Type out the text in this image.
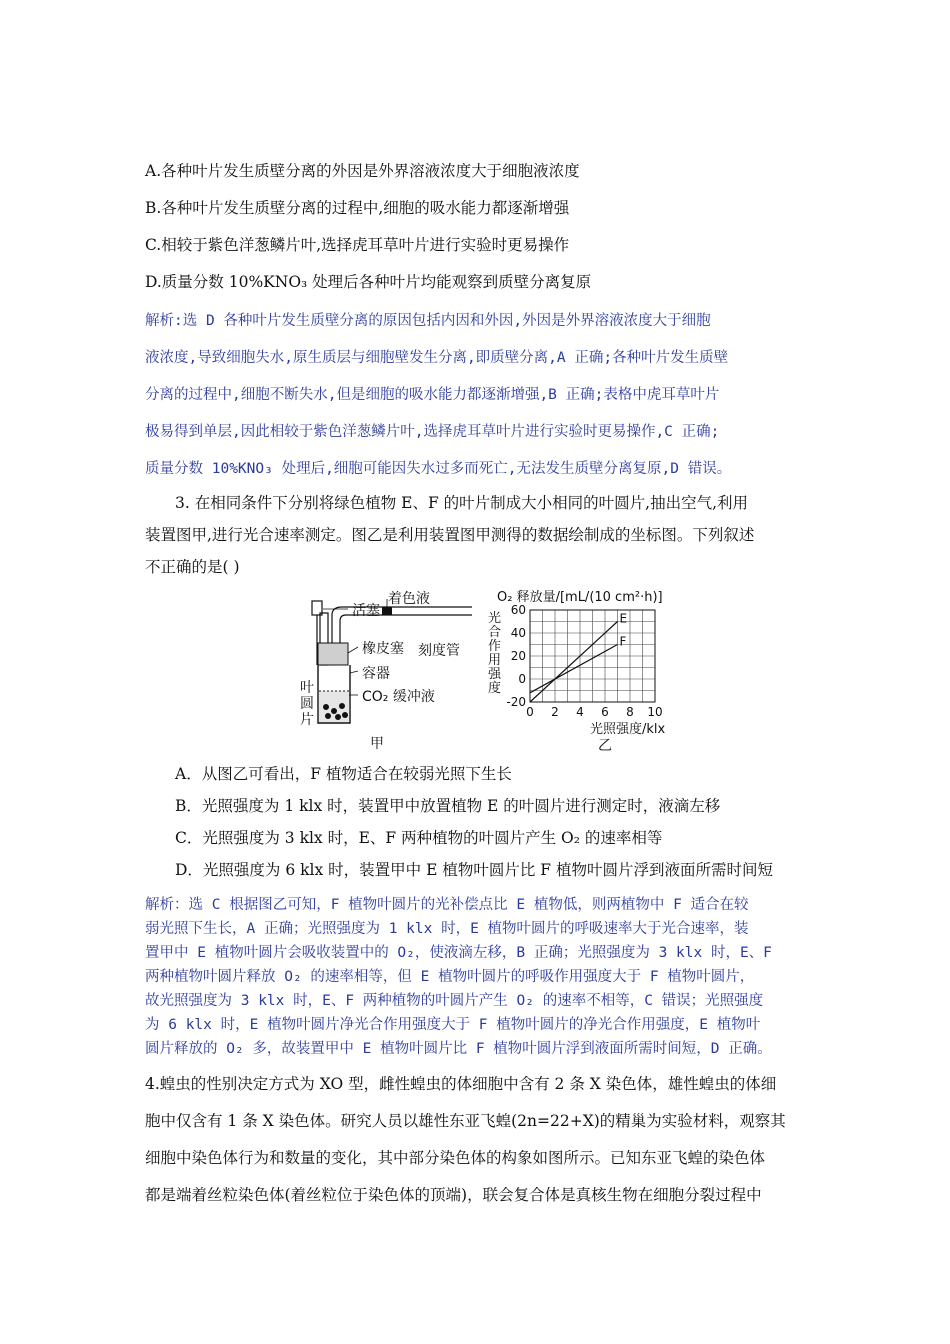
A.各种叶片发生质壁分离的外因是外界溶液浓度大于细胞液浓度
B.各种叶片发生质壁分离的过程中,细胞的吸水能力都逐渐增强
C.相较于紫色洋葱鳞片叶,选择虎耳草叶片进行实验时更易操作
D.质量分数 10%KNO₃ 处理后各种叶片均能观察到质壁分离复原
解析:选 D 各种叶片发生质壁分离的原因包括内因和外因,外因是外界溶液浓度大于细胞
液浓度,导致细胞失水,原生质层与细胞壁发生分离,即质壁分离,A 正确;各种叶片发生质壁
分离的过程中,细胞不断失水,但是细胞的吸水能力都逐渐增强,B 正确;表格中虎耳草叶片
极易得到单层,因此相较于紫色洋葱鳞片叶,选择虎耳草叶片进行实验时更易操作,C 正确;
质量分数 10%KNO₃ 处理后,细胞可能因失水过多而死亡,无法发生质壁分离复原,D 错误。
3. 在相同条件下分别将绿色植物 E、F 的叶片制成大小相同的叶圆片,抽出空气,利用
装置图甲,进行光合速率测定。图乙是利用装置图甲测得的数据绘制成的坐标图。下列叙述
不正确的是( )
活塞
着色液
橡皮塞 刻度管
容器
CO₂ 缓冲液
叶
圆
片
甲
O₂ 释放量/[mL/(10 cm²·h)]
光合作用强度
光照强度/klx
乙
-20
0
20
40
60
0 2 4 6 8 10
E
F
A．从图乙可看出，F 植物适合在较弱光照下生长
B．光照强度为 1 klx 时，装置甲中放置植物 E 的叶圆片进行测定时，液滴左移
C．光照强度为 3 klx 时，E、F 两种植物的叶圆片产生 O₂ 的速率相等
D．光照强度为 6 klx 时，装置甲中 E 植物叶圆片比 F 植物叶圆片浮到液面所需时间短
解析：选 C 根据图乙可知，F 植物叶圆片的光补偿点比 E 植物低，则两植物中 F 适合在较
弱光照下生长，A 正确；光照强度为 1 klx 时，E 植物叶圆片的呼吸速率大于光合速率，装
置甲中 E 植物叶圆片会吸收装置中的 O₂，使液滴左移，B 正确；光照强度为 3 klx 时，E、F
两种植物叶圆片释放 O₂ 的速率相等，但 E 植物叶圆片的呼吸作用强度大于 F 植物叶圆片，
故光照强度为 3 klx 时，E、F 两种植物的叶圆片产生 O₂ 的速率不相等，C 错误；光照强度
为 6 klx 时，E 植物叶圆片净光合作用强度大于 F 植物叶圆片的净光合作用强度，E 植物叶
圆片释放的 O₂ 多，故装置甲中 E 植物叶圆片比 F 植物叶圆片浮到液面所需时间短，D 正确。
4.蝗虫的性别决定方式为 XO 型，雌性蝗虫的体细胞中含有 2 条 X 染色体，雄性蝗虫的体细
胞中仅含有 1 条 X 染色体。研究人员以雄性东亚飞蝗(2n=22+X)的精巢为实验材料，观察其
细胞中染色体行为和数量的变化，其中部分染色体的构象如图所示。已知东亚飞蝗的染色体
都是端着丝粒染色体(着丝粒位于染色体的顶端)，联会复合体是真核生物在细胞分裂过程中
